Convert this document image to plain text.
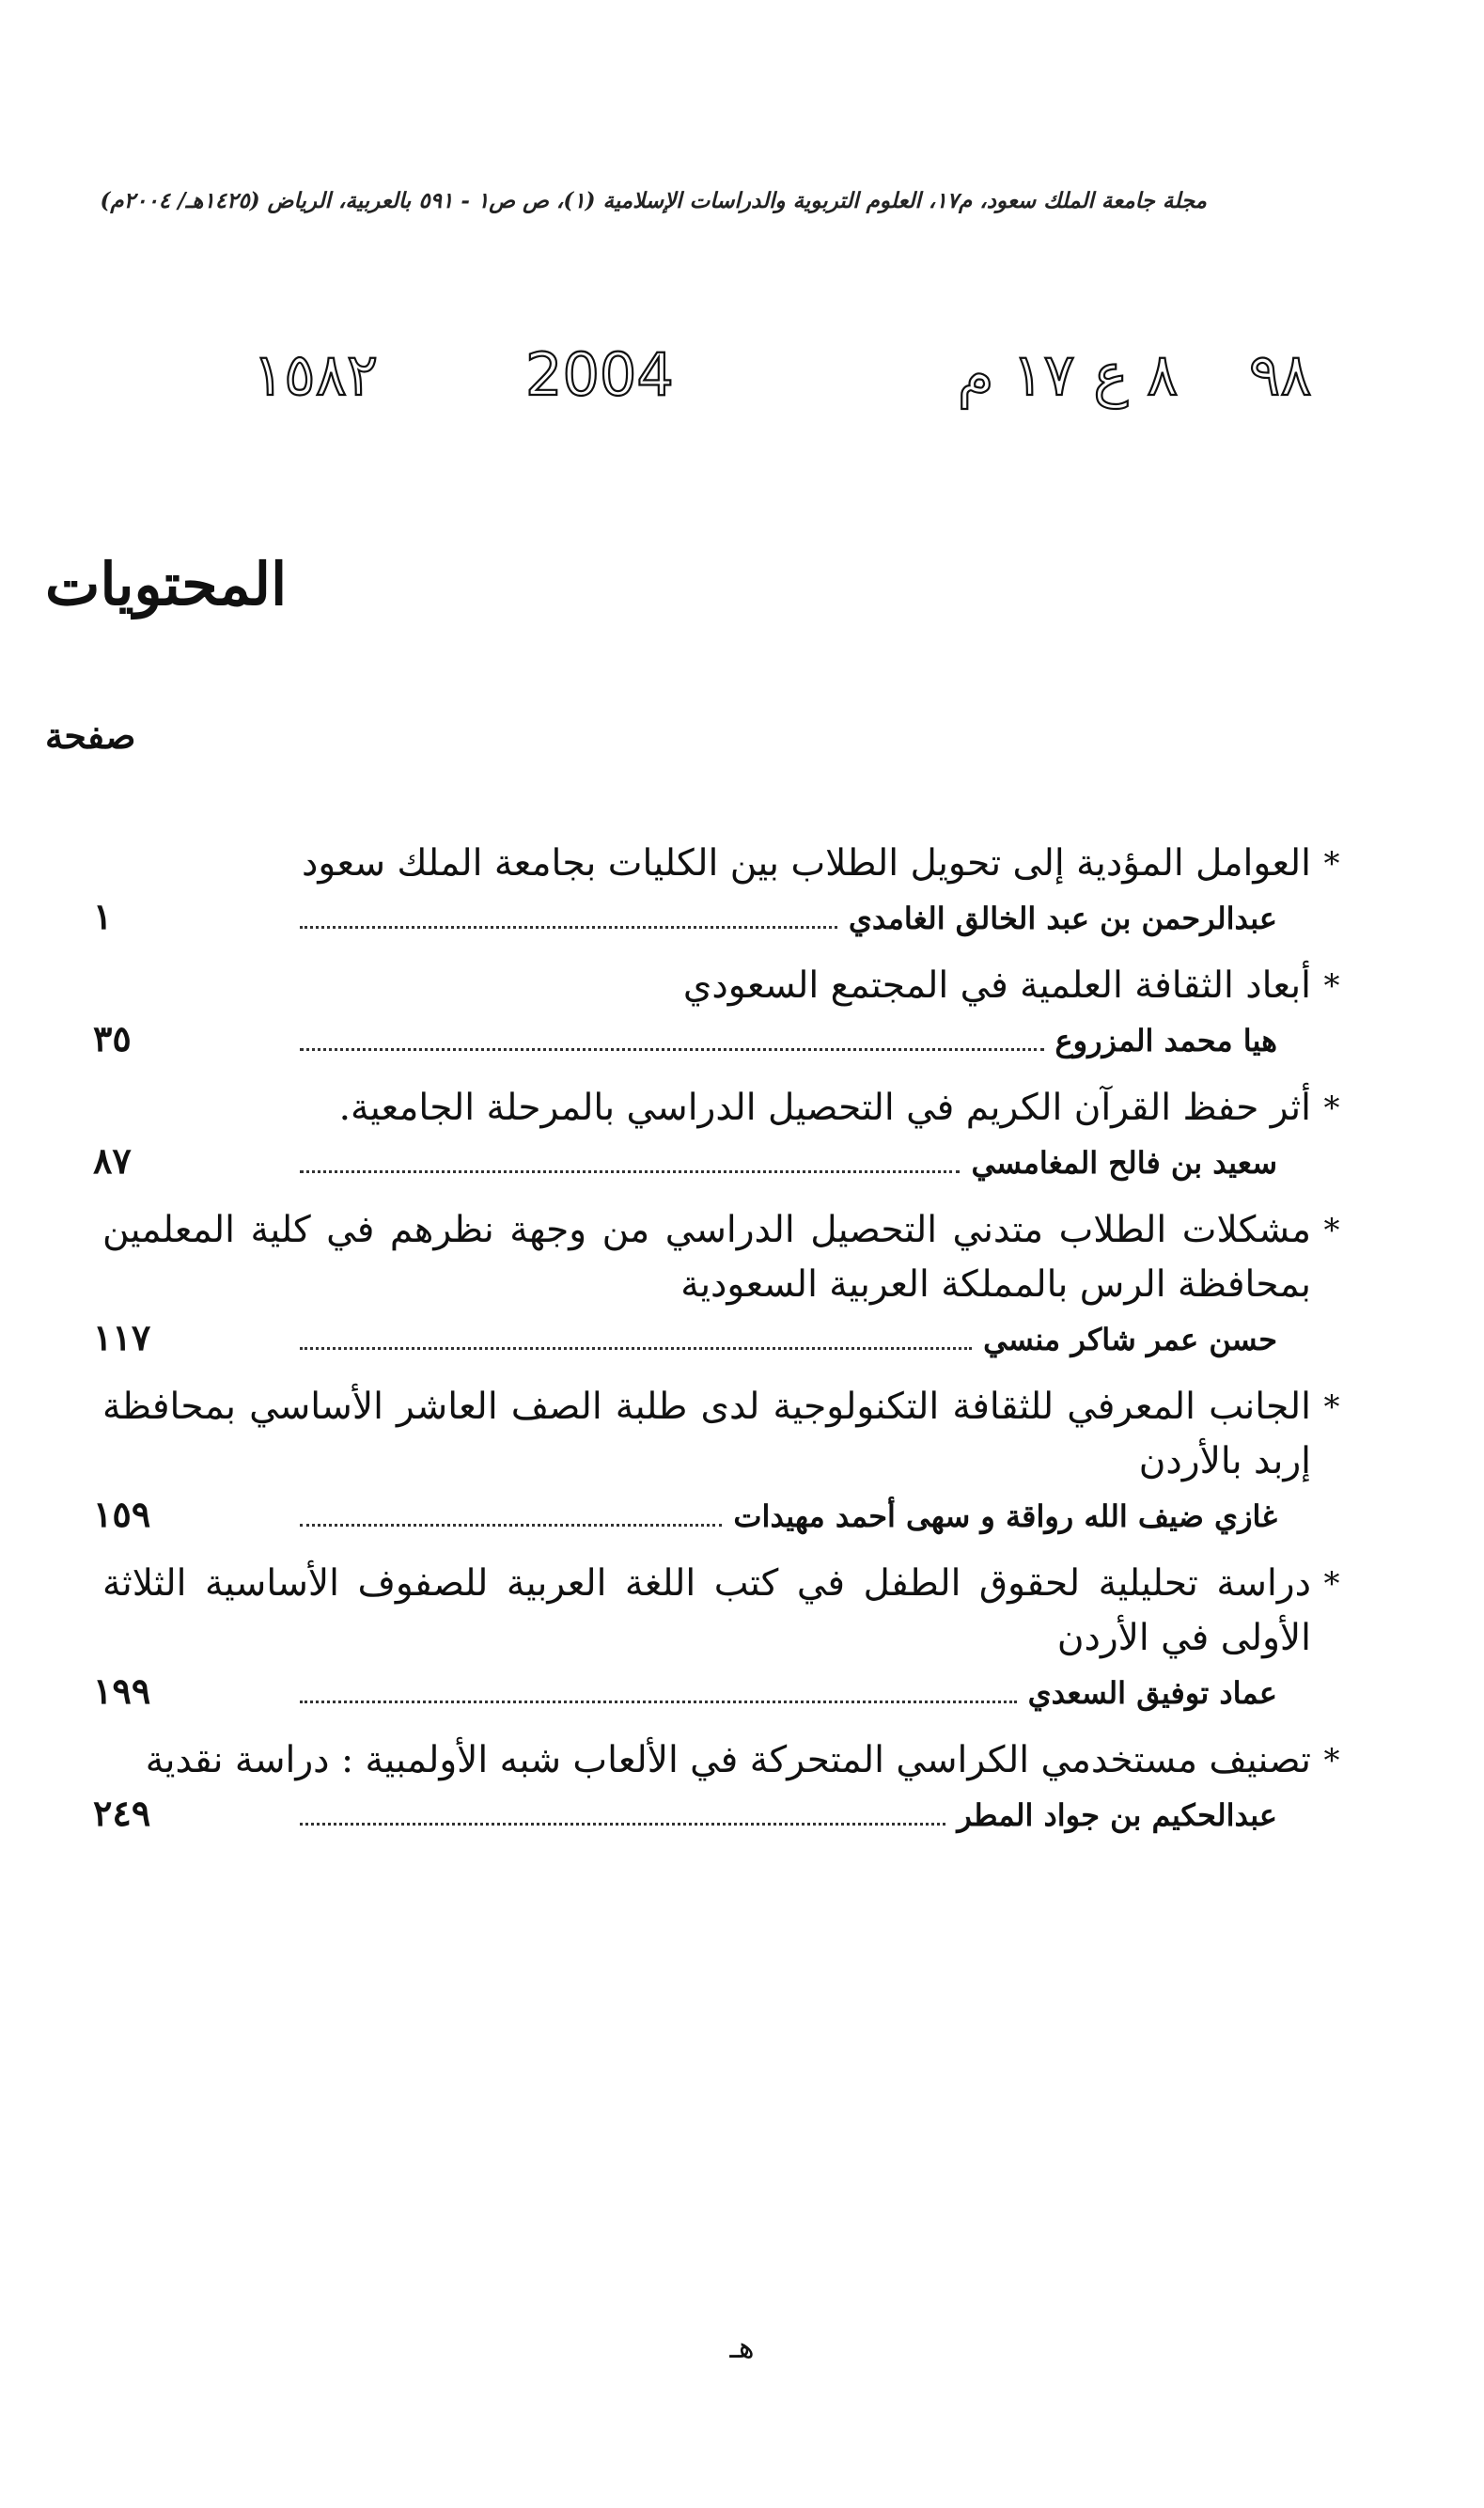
مجلة جامعة الملك سعود، م١٧، العلوم التربوية والدراسات الإسلامية (١)، ص ص١ - ٥٩١ بالعربية، الرياض (١٤٢٥هـ/ ٢٠٠٤م)
٩٨
٨ ع ١٧ م
2004
١٥٨٢
المحتويات
صفحة
*
العوامل المؤدية إلى تحويل الطلاب بين الكليات بجامعة الملك سعود
عبدالرحمن بن عبد الخالق الغامدي
١
*
أبعاد الثقافة العلمية في المجتمع السعودي
هيا محمد المزروع
٣٥
*
أثر حفظ القرآن الكريم في التحصيل الدراسي بالمرحلة الجامعية.
سعيد بن فالح المغامسي
٨٧
*
مشكلات الطلاب متدني التحصيل الدراسي من وجهة نظرهم في كلية المعلمين بمحافظة الرس بالمملكة العربية السعودية
حسن عمر شاكر منسي
١١٧
*
الجانب المعرفي للثقافة التكنولوجية لدى طلبة الصف العاشر الأساسي بمحافظة إربد بالأردن
غازي ضيف الله رواقة و سهى أحمد مهيدات
١٥٩
*
دراسة تحليلية لحقوق الطفل في كتب اللغة العربية للصفوف الأساسية الثلاثة الأولى في الأردن
عماد توفيق السعدي
١٩٩
*
تصنيف مستخدمي الكراسي المتحركة في الألعاب شبه الأولمبية : دراسة نقدية
عبدالحكيم بن جواد المطر
٢٤٩
هـ
